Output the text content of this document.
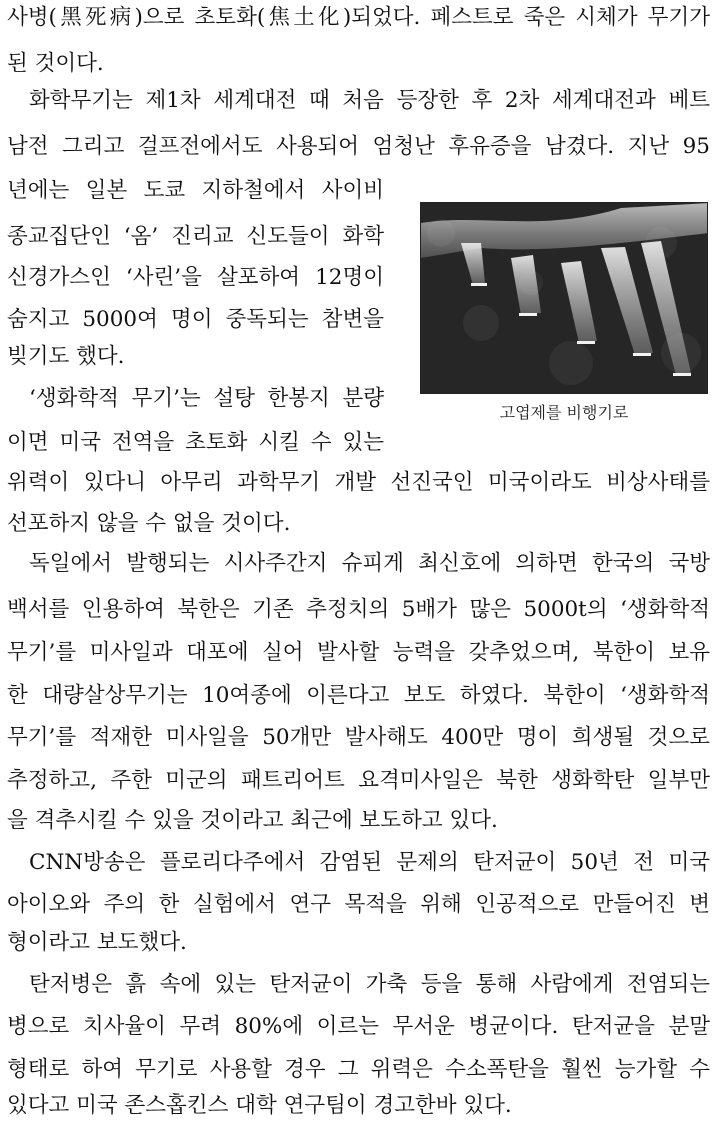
사병(黑死病)으로 초토화(焦土化)되었다. 페스트로 죽은 시체가 무기가
된 것이다.
화학무기는 제1차 세계대전 때 처음 등장한 후 2차 세계대전과 베트
남전 그리고 걸프전에서도 사용되어 엄청난 후유증을 남겼다. 지난 95
년에는 일본 도쿄 지하철에서 사이비
종교집단인 ‘옴’ 진리교 신도들이 화학
신경가스인 ‘사린’을 살포하여 12명이
숨지고 5000여 명이 중독되는 참변을
빚기도 했다.
‘생화학적 무기’는 설탕 한봉지 분량
이면 미국 전역을 초토화 시킬 수 있는
위력이 있다니 아무리 과학무기 개발 선진국인 미국이라도 비상사태를
선포하지 않을 수 없을 것이다.
독일에서 발행되는 시사주간지 슈피게 최신호에 의하면 한국의 국방
백서를 인용하여 북한은 기존 추정치의 5배가 많은 5000t의 ‘생화학적
무기’를 미사일과 대포에 실어 발사할 능력을 갖추었으며, 북한이 보유
한 대량살상무기는 10여종에 이른다고 보도 하였다. 북한이 ‘생화학적
무기’를 적재한 미사일을 50개만 발사해도 400만 명이 희생될 것으로
추정하고, 주한 미군의 패트리어트 요격미사일은 북한 생화학탄 일부만
을 격추시킬 수 있을 것이라고 최근에 보도하고 있다.
CNN방송은 플로리다주에서 감염된 문제의 탄저균이 50년 전 미국
아이오와 주의 한 실험에서 연구 목적을 위해 인공적으로 만들어진 변
형이라고 보도했다.
탄저병은 흙 속에 있는 탄저균이 가축 등을 통해 사람에게 전염되는
병으로 치사율이 무려 80%에 이르는 무서운 병균이다. 탄저균을 분말
형태로 하여 무기로 사용할 경우 그 위력은 수소폭탄을 훨씬 능가할 수
있다고 미국 존스홉킨스 대학 연구팀이 경고한바 있다.
고엽제를 비행기로
